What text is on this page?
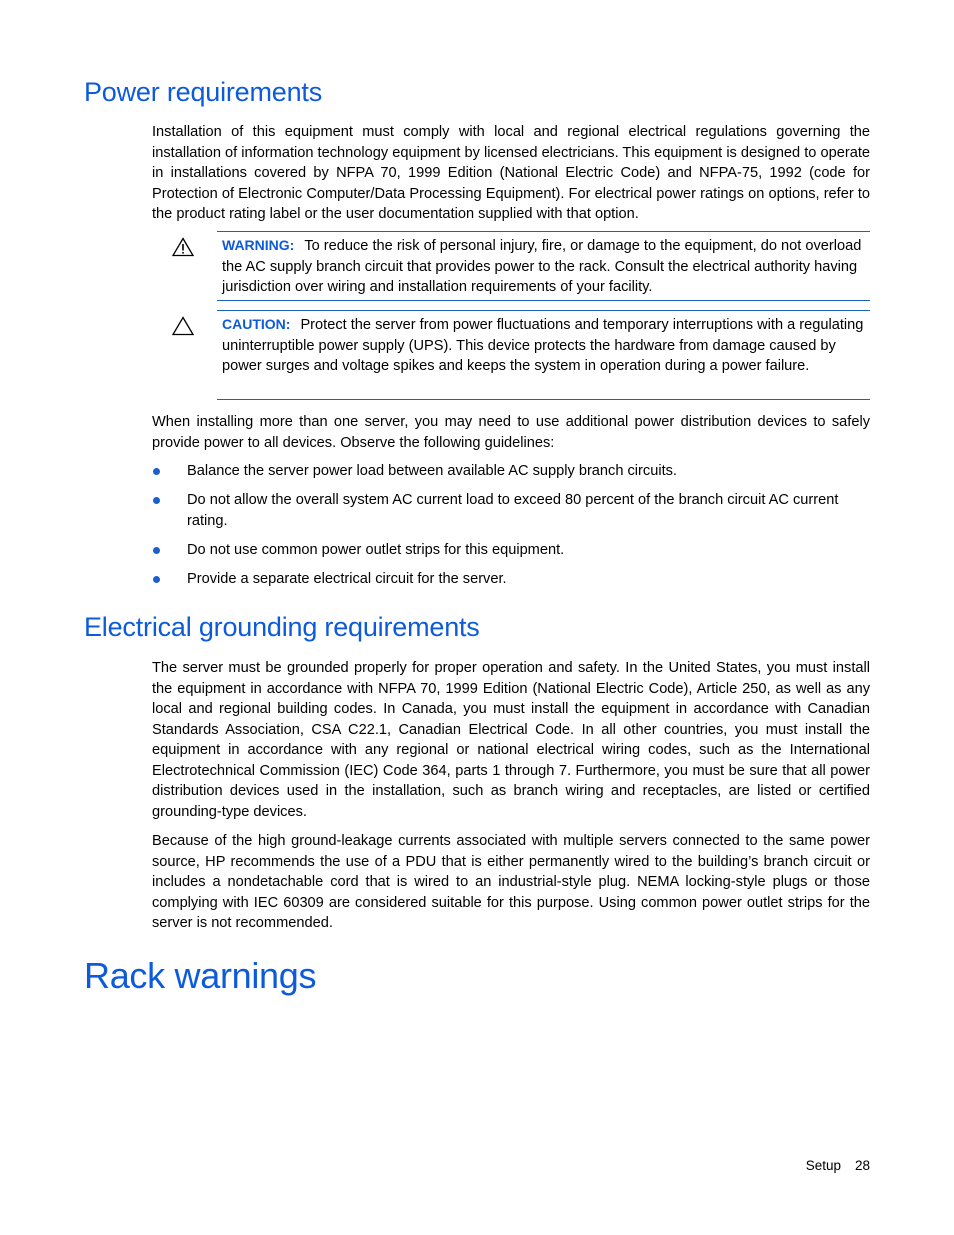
Power requirements

Installation of this equipment must comply with local and regional electrical regulations governing the installation of information technology equipment by licensed electricians. This equipment is designed to operate in installations covered by NFPA 70, 1999 Edition (National Electric Code) and NFPA-75, 1992 (code for Protection of Electronic Computer/Data Processing Equipment). For electrical power ratings on options, refer to the product rating label or the user documentation supplied with that option.

WARNING: To reduce the risk of personal injury, fire, or damage to the equipment, do not overload the AC supply branch circuit that provides power to the rack. Consult the electrical authority having jurisdiction over wiring and installation requirements of your facility.
CAUTION: Protect the server from power fluctuations and temporary interruptions with a regulating uninterruptible power supply (UPS). This device protects the hardware from damage caused by power surges and voltage spikes and keeps the system in operation during a power failure.

When installing more than one server, you may need to use additional power distribution devices to safely provide power to all devices. Observe the following guidelines:

Balance the server power load between available AC supply branch circuits.
Do not allow the overall system AC current load to exceed 80 percent of the branch circuit AC current rating.
Do not use common power outlet strips for this equipment.
Provide a separate electrical circuit for the server.
Electrical grounding requirements

The server must be grounded properly for proper operation and safety. In the United States, you must install the equipment in accordance with NFPA 70, 1999 Edition (National Electric Code), Article 250, as well as any local and regional building codes. In Canada, you must install the equipment in accordance with Canadian Standards Association, CSA C22.1, Canadian Electrical Code. In all other countries, you must install the equipment in accordance with any regional or national electrical wiring codes, such as the International Electrotechnical Commission (IEC) Code 364, parts 1 through 7. Furthermore, you must be sure that all power distribution devices used in the installation, such as branch wiring and receptacles, are listed or certified grounding-type devices.

Because of the high ground-leakage currents associated with multiple servers connected to the same power source, HP recommends the use of a PDU that is either permanently wired to the building’s branch circuit or includes a nondetachable cord that is wired to an industrial-style plug. NEMA locking-style plugs or those complying with IEC 60309 are considered suitable for this purpose. Using common power outlet strips for the server is not recommended.

Rack warnings
Setup 28
